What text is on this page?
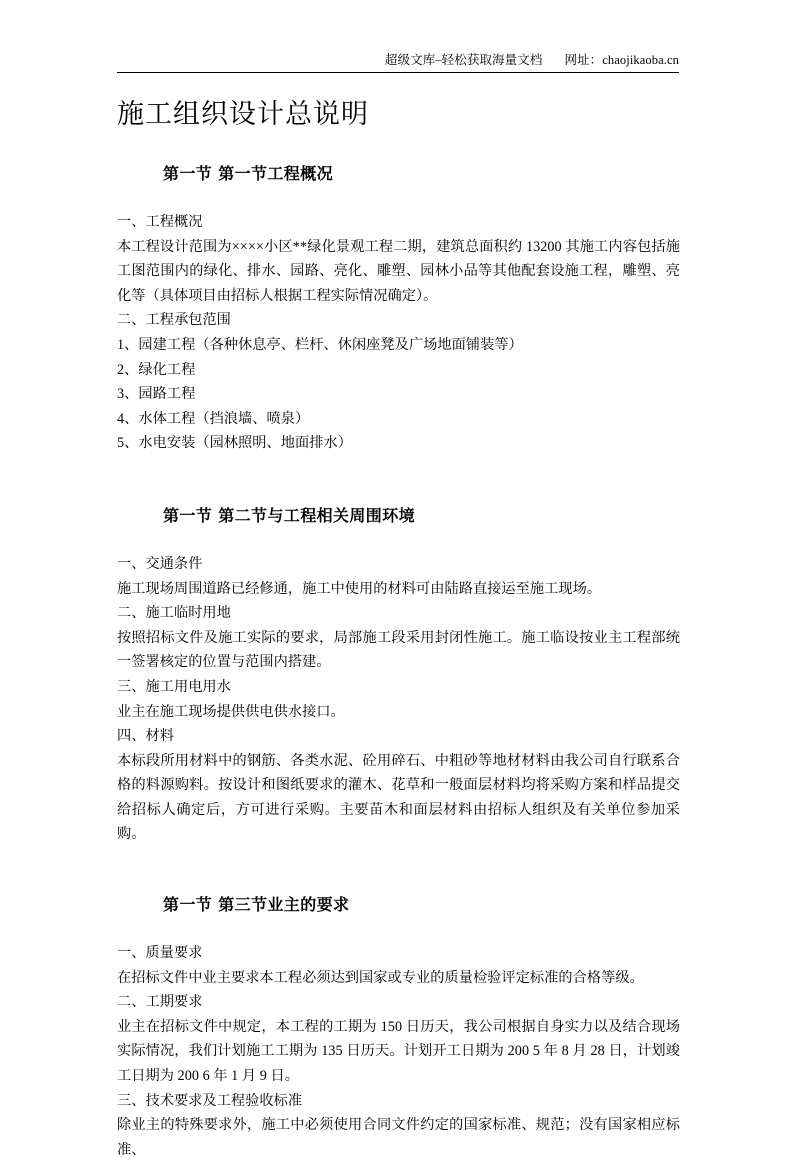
超级文库–轻松获取海量文档 网址：chaojikaoba.cn
施工组织设计总说明
第一节 第一节工程概况

一、工程概况

本工程设计范围为××××小区**绿化景观工程二期，建筑总面积约 13200 其施工内容包括施工图范围内的绿化、排水、园路、亮化、雕塑、园林小品等其他配套设施工程，雕塑、亮化等（具体项目由招标人根据工程实际情况确定）。

二、工程承包范围

1、园建工程（各种休息亭、栏杆、休闲座凳及广场地面铺装等）

2、绿化工程

3、园路工程

4、水体工程（挡浪墙、喷泉）

5、水电安装（园林照明、地面排水）

第一节 第二节与工程相关周围环境

一、交通条件

施工现场周围道路已经修通，施工中使用的材料可由陆路直接运至施工现场。

二、施工临时用地

按照招标文件及施工实际的要求，局部施工段采用封闭性施工。施工临设按业主工程部统一签署核定的位置与范围内搭建。

三、施工用电用水

业主在施工现场提供供电供水接口。

四、材料

本标段所用材料中的钢筋、各类水泥、砼用碎石、中粗砂等地材材料由我公司自行联系合格的料源购料。按设计和图纸要求的灌木、花草和一般面层材料均将采购方案和样品提交给招标人确定后，方可进行采购。主要苗木和面层材料由招标人组织及有关单位参加采购。

第一节 第三节业主的要求

一、质量要求

在招标文件中业主要求本工程必须达到国家或专业的质量检验评定标准的合格等级。

二、工期要求

业主在招标文件中规定，本工程的工期为 150 日历天，我公司根据自身实力以及结合现场实际情况，我们计划施工工期为 135 日历天。计划开工日期为 200 5 年 8 月 28 日，计划竣工日期为 200 6 年 1 月 9 日。

三、技术要求及工程验收标准

除业主的特殊要求外，施工中必须使用合同文件约定的国家标准、规范；没有国家相应标准、
